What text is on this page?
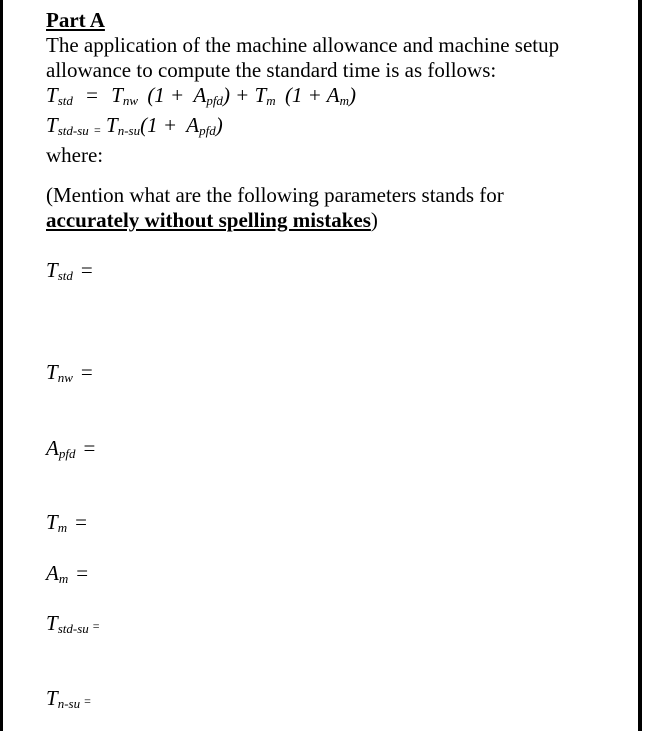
Part A
The application of the machine allowance and machine setup allowance to compute the standard time is as follows:
$T_{std} = T_{nw}$ $(1 + A_{pfd}) + T_m$ $(1 + A_m)$
$T_{std-su} = T_{n-su}(1 + A_{pfd})$
where:
(Mention what are the following parameters stands for
accurately without spelling mistakes)
$T_{std}$ =
$T_{nw}$ =
$A_{pfd}$ =
$T_m$ =
$A_m$ =
$T_{std-su}$ =
$T_{n-su}$ =
